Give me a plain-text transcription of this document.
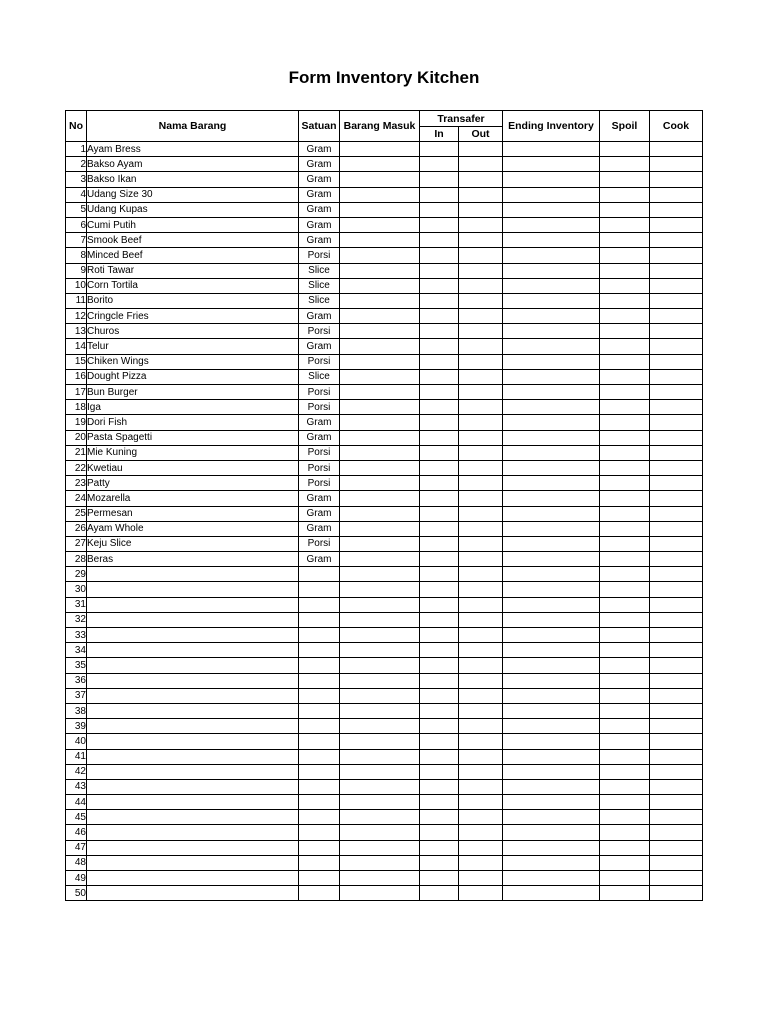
Form Inventory Kitchen
No	Nama Barang	Satuan	Barang Masuk	Transafer		Ending Inventory	Spoil	Cook
				In	Out			
1	Ayam Bress	Gram						
2	Bakso Ayam	Gram						
3	Bakso Ikan	Gram						
4	Udang Size 30	Gram						
5	Udang Kupas	Gram						
6	Cumi Putih	Gram						
7	Smook Beef	Gram						
8	Minced Beef	Porsi						
9	Roti Tawar	Slice						
10	Corn Tortila	Slice						
11	Borito	Slice						
12	Cringcle Fries	Gram						
13	Churos	Porsi						
14	Telur	Gram						
15	Chiken Wings	Porsi						
16	Dought Pizza	Slice						
17	Bun Burger	Porsi						
18	Iga	Porsi						
19	Dori Fish	Gram						
20	Pasta Spagetti	Gram						
21	Mie Kuning	Porsi						
22	Kwetiau	Porsi						
23	Patty	Porsi						
24	Mozarella	Gram						
25	Permesan	Gram						
26	Ayam Whole	Gram						
27	Keju Slice	Porsi						
28	Beras	Gram						
29								
30								
31								
32								
33								
34								
35								
36								
37								
38								
39								
40								
41								
42								
43								
44								
45								
46								
47								
48								
49								
50								
